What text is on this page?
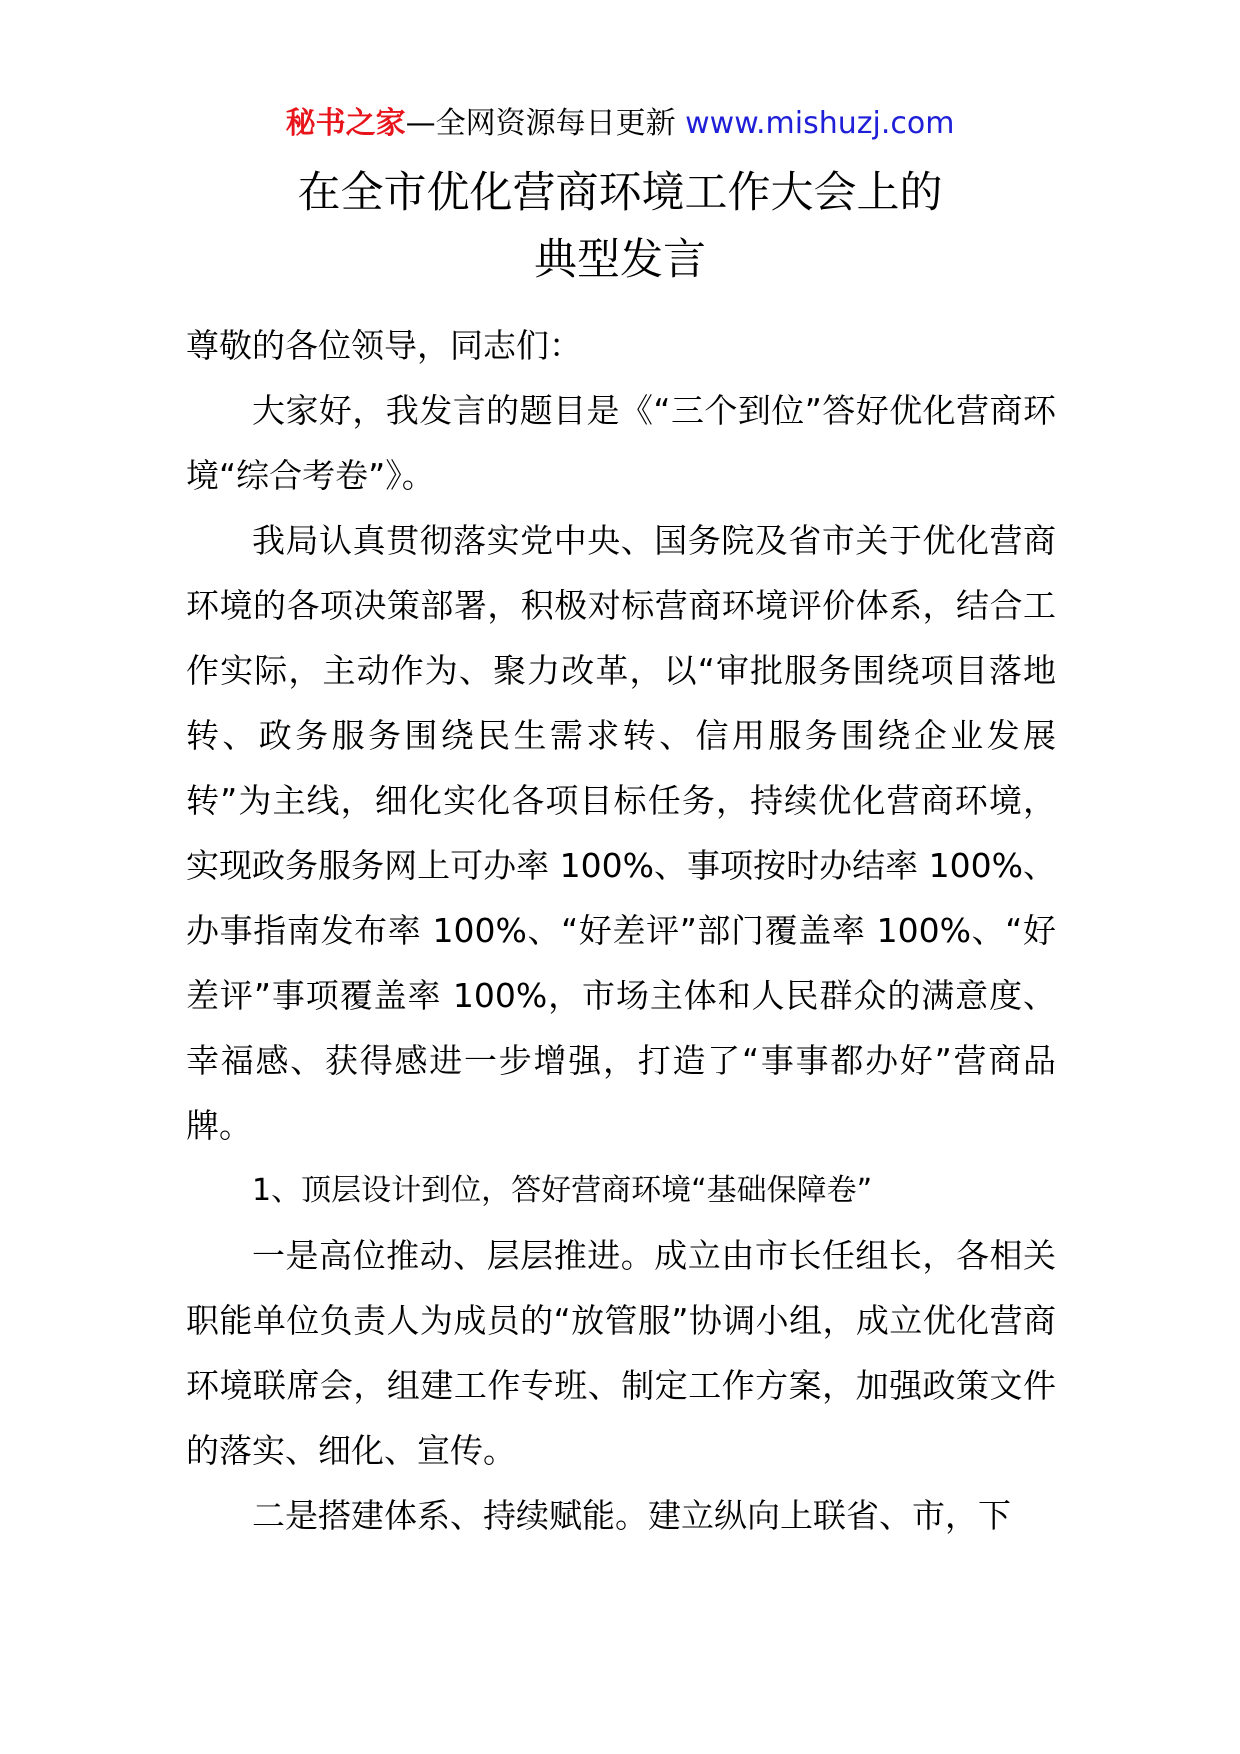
秘书之家—全网资源每日更新 www.mishuzj.com
在全市优化营商环境工作大会上的
典型发言

尊敬的各位领导，同志们：

大家好，我发言的题目是《“三个到位”答好优化营商环境“综合考卷”》。

我局认真贯彻落实党中央、国务院及省市关于优化营商环境的各项决策部署，积极对标营商环境评价体系，结合工作实际，主动作为、聚力改革，以“审批服务围绕项目落地转、政务服务围绕民生需求转、信用服务围绕企业发展转”为主线，细化实化各项目标任务，持续优化营商环境，实现政务服务网上可办率 100%、事项按时办结率 100%、办事指南发布率 100%、“好差评”部门覆盖率 100%、“好差评”事项覆盖率 100%，市场主体和人民群众的满意度、幸福感、获得感进一步增强，打造了“事事都办好”营商品牌。

1、顶层设计到位，答好营商环境“基础保障卷”

一是高位推动、层层推进。成立由市长任组长，各相关职能单位负责人为成员的“放管服”协调小组，成立优化营商环境联席会，组建工作专班、制定工作方案，加强政策文件的落实、细化、宣传。

二是搭建体系、持续赋能。建立纵向上联省、市，下
